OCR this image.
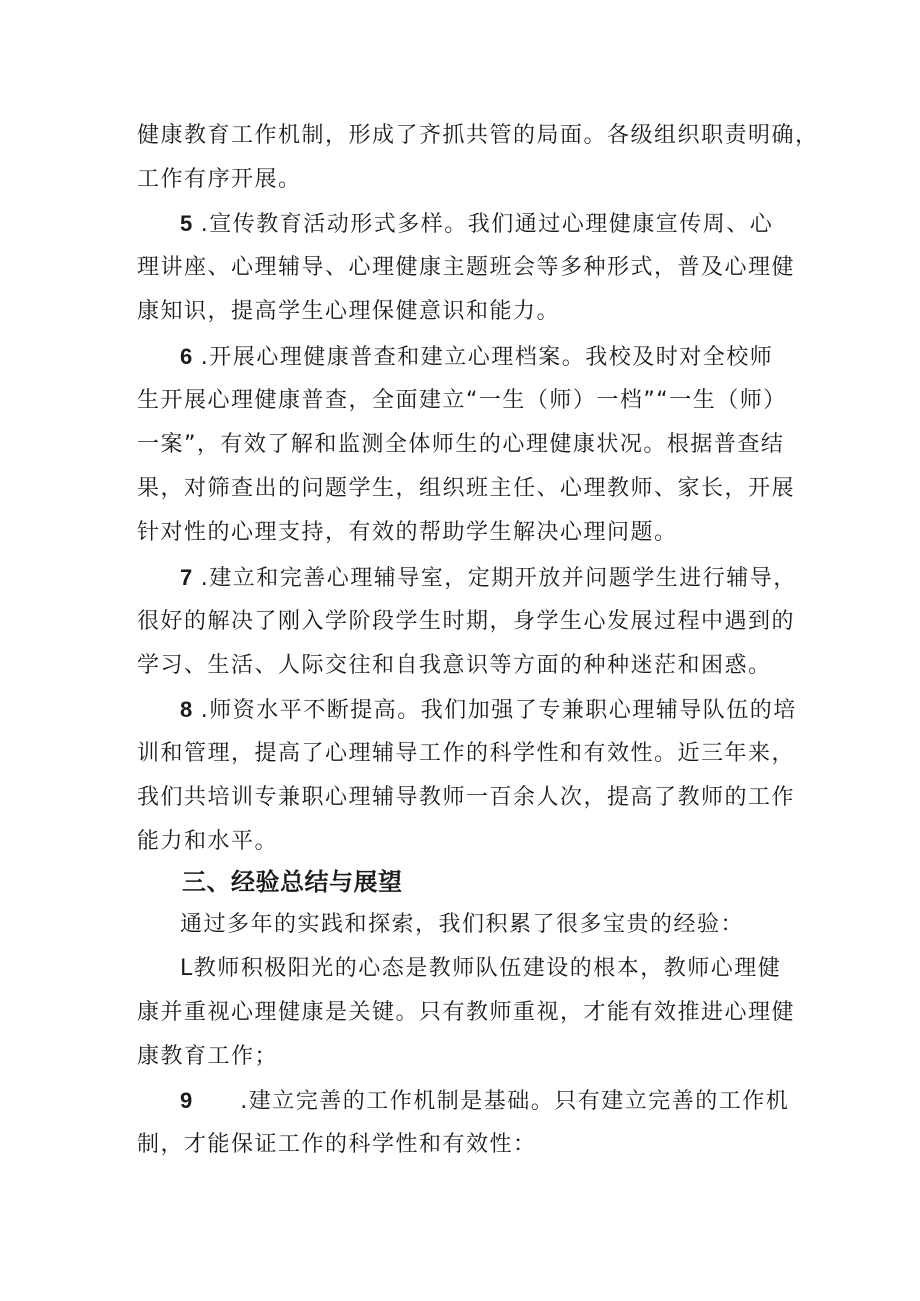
健康教育工作机制，形成了齐抓共管的局面。各级组织职责明确，
工作有序开展。
5 .宣传教育活动形式多样。我们通过心理健康宣传周、心
理讲座、心理辅导、心理健康主题班会等多种形式，普及心理健
康知识，提高学生心理保健意识和能力。
6 .开展心理健康普查和建立心理档案。我校及时对全校师
生开展心理健康普查，全面建立“一生（师）一档”“一生（师）
一案”，有效了解和监测全体师生的心理健康状况。根据普查结
果，对筛查出的问题学生，组织班主任、心理教师、家长，开展
针对性的心理支持，有效的帮助学生解决心理问题。
7 .建立和完善心理辅导室，定期开放并问题学生进行辅导，
很好的解决了刚入学阶段学生时期，身学生心发展过程中遇到的
学习、生活、人际交往和自我意识等方面的种种迷茫和困惑。
8 .师资水平不断提高。我们加强了专兼职心理辅导队伍的培
训和管理，提高了心理辅导工作的科学性和有效性。近三年来，
我们共培训专兼职心理辅导教师一百余人次，提高了教师的工作
能力和水平。
三、经验总结与展望
通过多年的实践和探索，我们积累了很多宝贵的经验：
L教师积极阳光的心态是教师队伍建设的根本，教师心理健
康并重视心理健康是关键。只有教师重视，才能有效推进心理健
康教育工作；
9 .建立完善的工作机制是基础。只有建立完善的工作机
制，才能保证工作的科学性和有效性：
